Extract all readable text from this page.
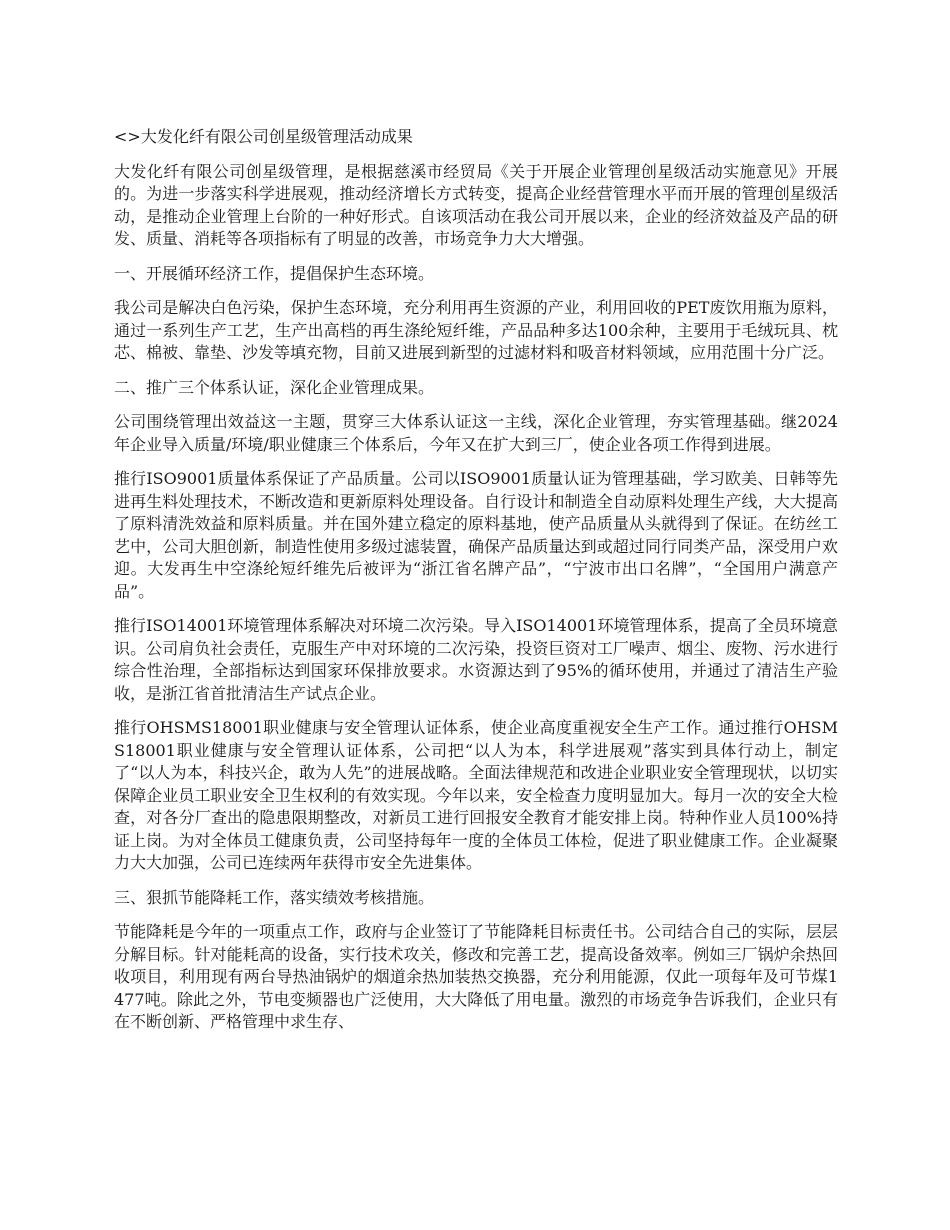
<>大发化纤有限公司创星级管理活动成果

大发化纤有限公司创星级管理，是根据慈溪市经贸局《关于开展企业管理创星级活动实施意见》开展的。为进一步落实科学进展观，推动经济增长方式转变，提高企业经营管理水平而开展的管理创星级活动，是推动企业管理上台阶的一种好形式。自该项活动在我公司开展以来，企业的经济效益及产品的研发、质量、消耗等各项指标有了明显的改善，市场竞争力大大增强。

一、开展循环经济工作，提倡保护生态环境。

我公司是解决白色污染，保护生态环境，充分利用再生资源的产业，利用回收的PET废饮用瓶为原料，通过一系列生产工艺，生产出高档的再生涤纶短纤维，产品品种多达100余种，主要用于毛绒玩具、枕芯、棉被、靠垫、沙发等填充物，目前又进展到新型的过滤材料和吸音材料领域，应用范围十分广泛。

二、推广三个体系认证，深化企业管理成果。

公司围绕管理出效益这一主题，贯穿三大体系认证这一主线，深化企业管理，夯实管理基础。继2024年企业导入质量/环境/职业健康三个体系后，今年又在扩大到三厂，使企业各项工作得到进展。

推行ISO9001质量体系保证了产品质量。公司以ISO9001质量认证为管理基础，学习欧美、日韩等先进再生料处理技术，不断改造和更新原料处理设备。自行设计和制造全自动原料处理生产线，大大提高了原料清洗效益和原料质量。并在国外建立稳定的原料基地，使产品质量从头就得到了保证。在纺丝工艺中，公司大胆创新，制造性使用多级过滤装置，确保产品质量达到或超过同行同类产品，深受用户欢迎。大发再生中空涤纶短纤维先后被评为“浙江省名牌产品”，“宁波市出口名牌”，“全国用户满意产品”。

推行ISO14001环境管理体系解决对环境二次污染。导入ISO14001环境管理体系，提高了全员环境意识。公司肩负社会责任，克服生产中对环境的二次污染，投资巨资对工厂噪声、烟尘、废物、污水进行综合性治理，全部指标达到国家环保排放要求。水资源达到了95%的循环使用，并通过了清洁生产验收，是浙江省首批清洁生产试点企业。

推行OHSMS18001职业健康与安全管理认证体系，使企业高度重视安全生产工作。通过推行OHSMS18001职业健康与安全管理认证体系，公司把“以人为本，科学进展观”落实到具体行动上，制定了“以人为本，科技兴企，敢为人先”的进展战略。全面法律规范和改进企业职业安全管理现状，以切实保障企业员工职业安全卫生权利的有效实现。今年以来，安全检查力度明显加大。每月一次的安全大检查，对各分厂查出的隐患限期整改，对新员工进行回报安全教育才能安排上岗。特种作业人员100%持证上岗。为对全体员工健康负责，公司坚持每年一度的全体员工体检，促进了职业健康工作。企业凝聚力大大加强，公司已连续两年获得市安全先进集体。

三、狠抓节能降耗工作，落实绩效考核措施。

节能降耗是今年的一项重点工作，政府与企业签订了节能降耗目标责任书。公司结合自己的实际，层层分解目标。针对能耗高的设备，实行技术攻关，修改和完善工艺，提高设备效率。例如三厂锅炉余热回收项目，利用现有两台导热油锅炉的烟道余热加装热交换器，充分利用能源，仅此一项每年及可节煤1477吨。除此之外，节电变频器也广泛使用，大大降低了用电量。激烈的市场竞争告诉我们，企业只有在不断创新、严格管理中求生存、
